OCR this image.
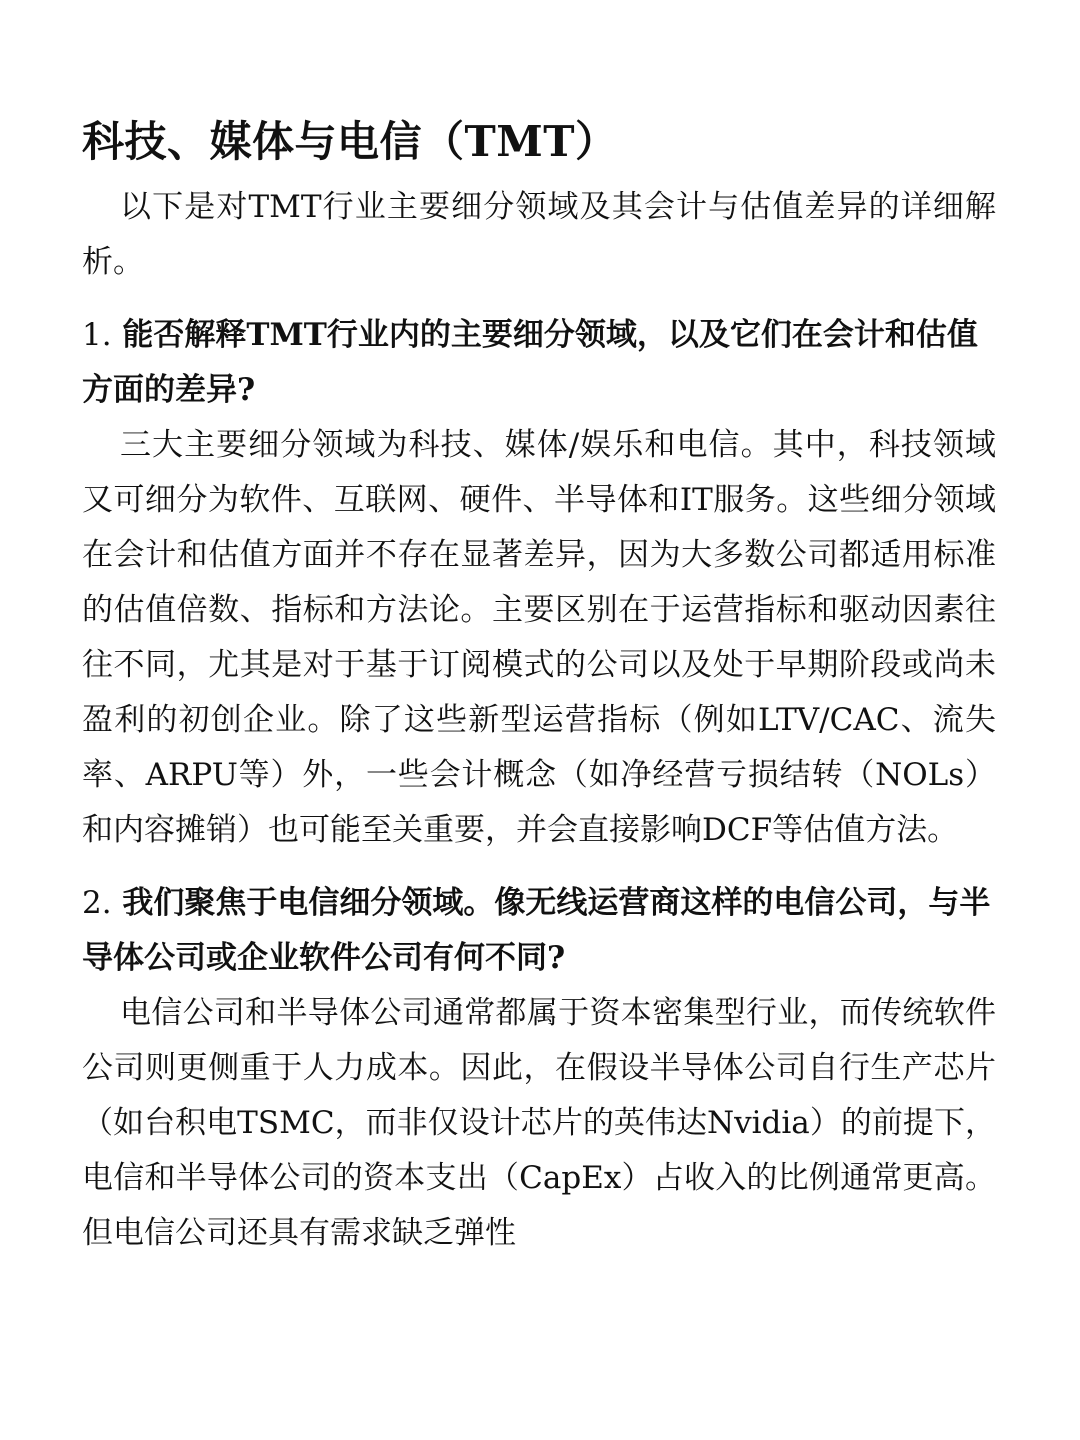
科技、媒体与电信（TMT）

以下是对TMT行业主要细分领域及其会计与估值差异的详细解析。

1. 能否解释TMT行业内的主要细分领域，以及它们在会计和估值方面的差异?

三大主要细分领域为科技、媒体/娱乐和电信。其中，科技领域又可细分为软件、互联网、硬件、半导体和IT服务。这些细分领域在会计和估值方面并不存在显著差异，因为大多数公司都适用标准的估值倍数、指标和方法论。主要区别在于运营指标和驱动因素往往不同，尤其是对于基于订阅模式的公司以及处于早期阶段或尚未盈利的初创企业。除了这些新型运营指标（例如LTV/CAC、流失率、ARPU等）外，一些会计概念（如净经营亏损结转（NOLs）和内容摊销）也可能至关重要，并会直接影响DCF等估值方法。

2. 我们聚焦于电信细分领域。像无线运营商这样的电信公司，与半导体公司或企业软件公司有何不同?

电信公司和半导体公司通常都属于资本密集型行业，而传统软件公司则更侧重于人力成本。因此，在假设半导体公司自行生产芯片（如台积电TSMC，而非仅设计芯片的英伟达Nvidia）的前提下，电信和半导体公司的资本支出（CapEx）占收入的比例通常更高。但电信公司还具有需求缺乏弹性
